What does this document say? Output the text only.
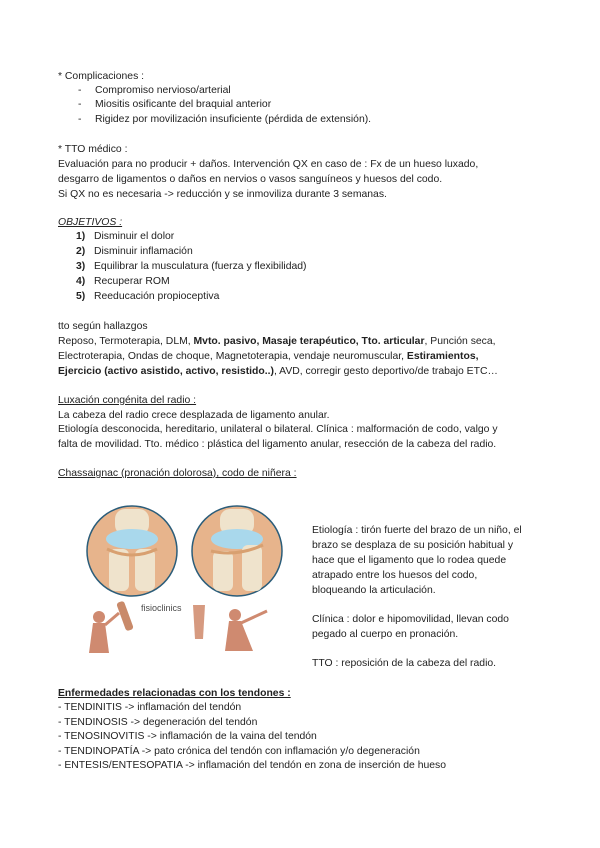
* Complicaciones :
- Compromiso nervioso/arterial
- Miositis osificante del braquial anterior
- Rigidez por movilización insuficiente (pérdida de extensión).
* TTO médico :
Evaluación para no producir + daños. Intervención QX en caso de : Fx de un hueso luxado,
desgarro de ligamentos o daños en nervios o vasos sanguíneos y huesos del codo.
Si QX no es necesaria -> reducción y se inmoviliza durante 3 semanas.
OBJETIVOS :
1) Disminuir el dolor
2) Disminuir inflamación
3) Equilibrar la musculatura (fuerza y flexibilidad)
4) Recuperar ROM
5) Reeducación propioceptiva
tto según hallazgos
Reposo, Termoterapia, DLM, Mvto. pasivo, Masaje terapéutico, Tto. articular, Punción seca,
Electroterapia, Ondas de choque, Magnetoterapia, vendaje neuromuscular, Estiramientos,
Ejercicio (activo asistido, activo, resistido..), AVD, corregir gesto deportivo/de trabajo ETC…
Luxación congénita del radio :
La cabeza del radio crece desplazada de ligamento anular.
Etiología desconocida, hereditario, unilateral o bilateral. Clínica : malformación de codo, valgo y
falta de movilidad. Tto. médico : plástica del ligamento anular, resección de la cabeza del radio.
Chassaignac (pronación dolorosa), codo de niñera :
fisioclinics
Etiología : tirón fuerte del brazo de un niño, el
brazo se desplaza de su posición habitual y
hace que el ligamento que lo rodea quede
atrapado entre los huesos del codo,
bloqueando la articulación.
Clínica : dolor e hipomovilidad, llevan codo
pegado al cuerpo en pronación.
TTO : reposición de la cabeza del radio.
Enfermedades relacionadas con los tendones :
- TENDINITIS -> inflamación del tendón
- TENDINOSIS -> degeneración del tendón
- TENOSINOVITIS -> inflamación de la vaina del tendón
- TENDINOPATÍA -> pato crónica del tendón con inflamación y/o degeneración
- ENTESIS/ENTESOPATIA -> inflamación del tendón en zona de inserción de hueso
